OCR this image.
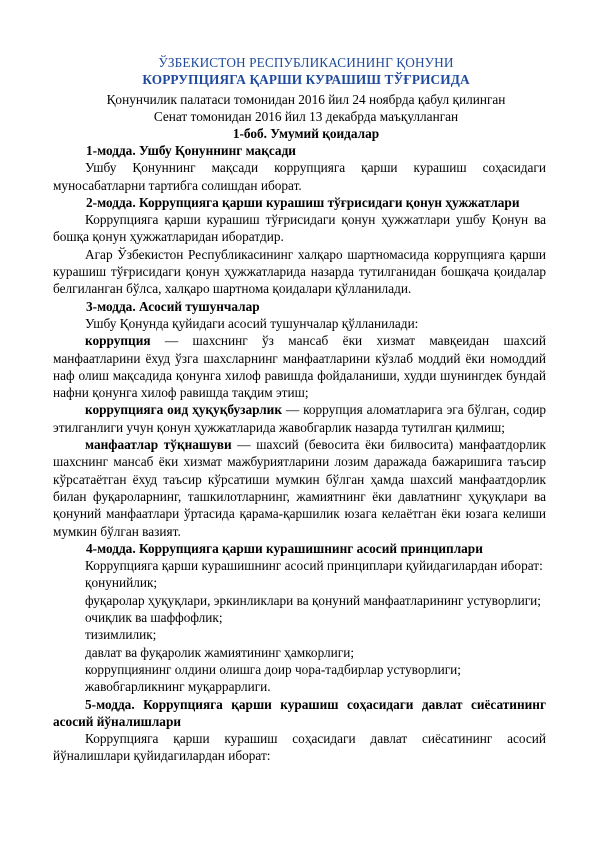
ЎЗБЕКИСТОН РЕСПУБЛИКАСИНИНГ ҚОНУНИ
КОРРУПЦИЯГА ҚАРШИ КУРАШИШ ТЎҒРИСИДА
Қонунчилик палатаси томонидан 2016 йил 24 ноябрда қабул қилинган
Сенат томонидан 2016 йил 13 декабрда маъқулланган
1-боб. Умумий қоидалар
1-модда. Ушбу Қонуннинг мақсади
Ушбу Қонуннинг мақсади коррупцияга қарши курашиш соҳасидаги муносабатларни тартибга солишдан иборат.
2-модда. Коррупцияга қарши курашиш тўғрисидаги қонун ҳужжатлари
Коррупцияга қарши курашиш тўғрисидаги қонун ҳужжатлари ушбу Қонун ва бошқа қонун ҳужжатларидан иборатдир.
Агар Ўзбекистон Республикасининг халқаро шартномасида коррупцияга қарши курашиш тўғрисидаги қонун ҳужжатларида назарда тутилганидан бошқача қоидалар белгиланган бўлса, халқаро шартнома қоидалари қўлланилади.
3-модда. Асосий тушунчалар
Ушбу Қонунда қуйидаги асосий тушунчалар қўлланилади:
коррупция — шахснинг ўз мансаб ёки хизмат мавқеидан шахсий манфаатларини ёхуд ўзга шахсларнинг манфаатларини кўзлаб моддий ёки номоддий наф олиш мақсадида қонунга хилоф равишда фойдаланиши, худди шунингдек бундай нафни қонунга хилоф равишда тақдим этиш;
коррупцияга оид ҳуқуқбузарлик — коррупция аломатларига эга бўлган, содир этилганлиги учун қонун ҳужжатларида жавобгарлик назарда тутилган қилмиш;
манфаатлар тўқнашуви — шахсий (бевосита ёки билвосита) манфаатдорлик шахснинг мансаб ёки хизмат мажбуриятларини лозим даражада бажаришига таъсир кўрсатаётган ёхуд таъсир кўрсатиши мумкин бўлган ҳамда шахсий манфаатдорлик билан фуқароларнинг, ташкилотларнинг, жамиятнинг ёки давлатнинг ҳуқуқлари ва қонуний манфаатлари ўртасида қарама-қаршилик юзага келаётган ёки юзага келиши мумкин бўлган вазият.
4-модда. Коррупцияга қарши курашишнинг асосий принциплари
Коррупцияга қарши курашишнинг асосий принциплари қуйидагилардан иборат:
қонунийлик;
фуқаролар ҳуқуқлари, эркинликлари ва қонуний манфаатларининг устуворлиги;
очиқлик ва шаффофлик;
тизимлилик;
давлат ва фуқаролик жамиятининг ҳамкорлиги;
коррупциянинг олдини олишга доир чора-тадбирлар устуворлиги;
жавобгарликнинг муқаррарлиги.
5-модда. Коррупцияга қарши курашиш соҳасидаги давлат сиёсатининг асосий йўналишлари
Коррупцияга қарши курашиш соҳасидаги давлат сиёсатининг асосий йўналишлари қуйидагилардан иборат:
